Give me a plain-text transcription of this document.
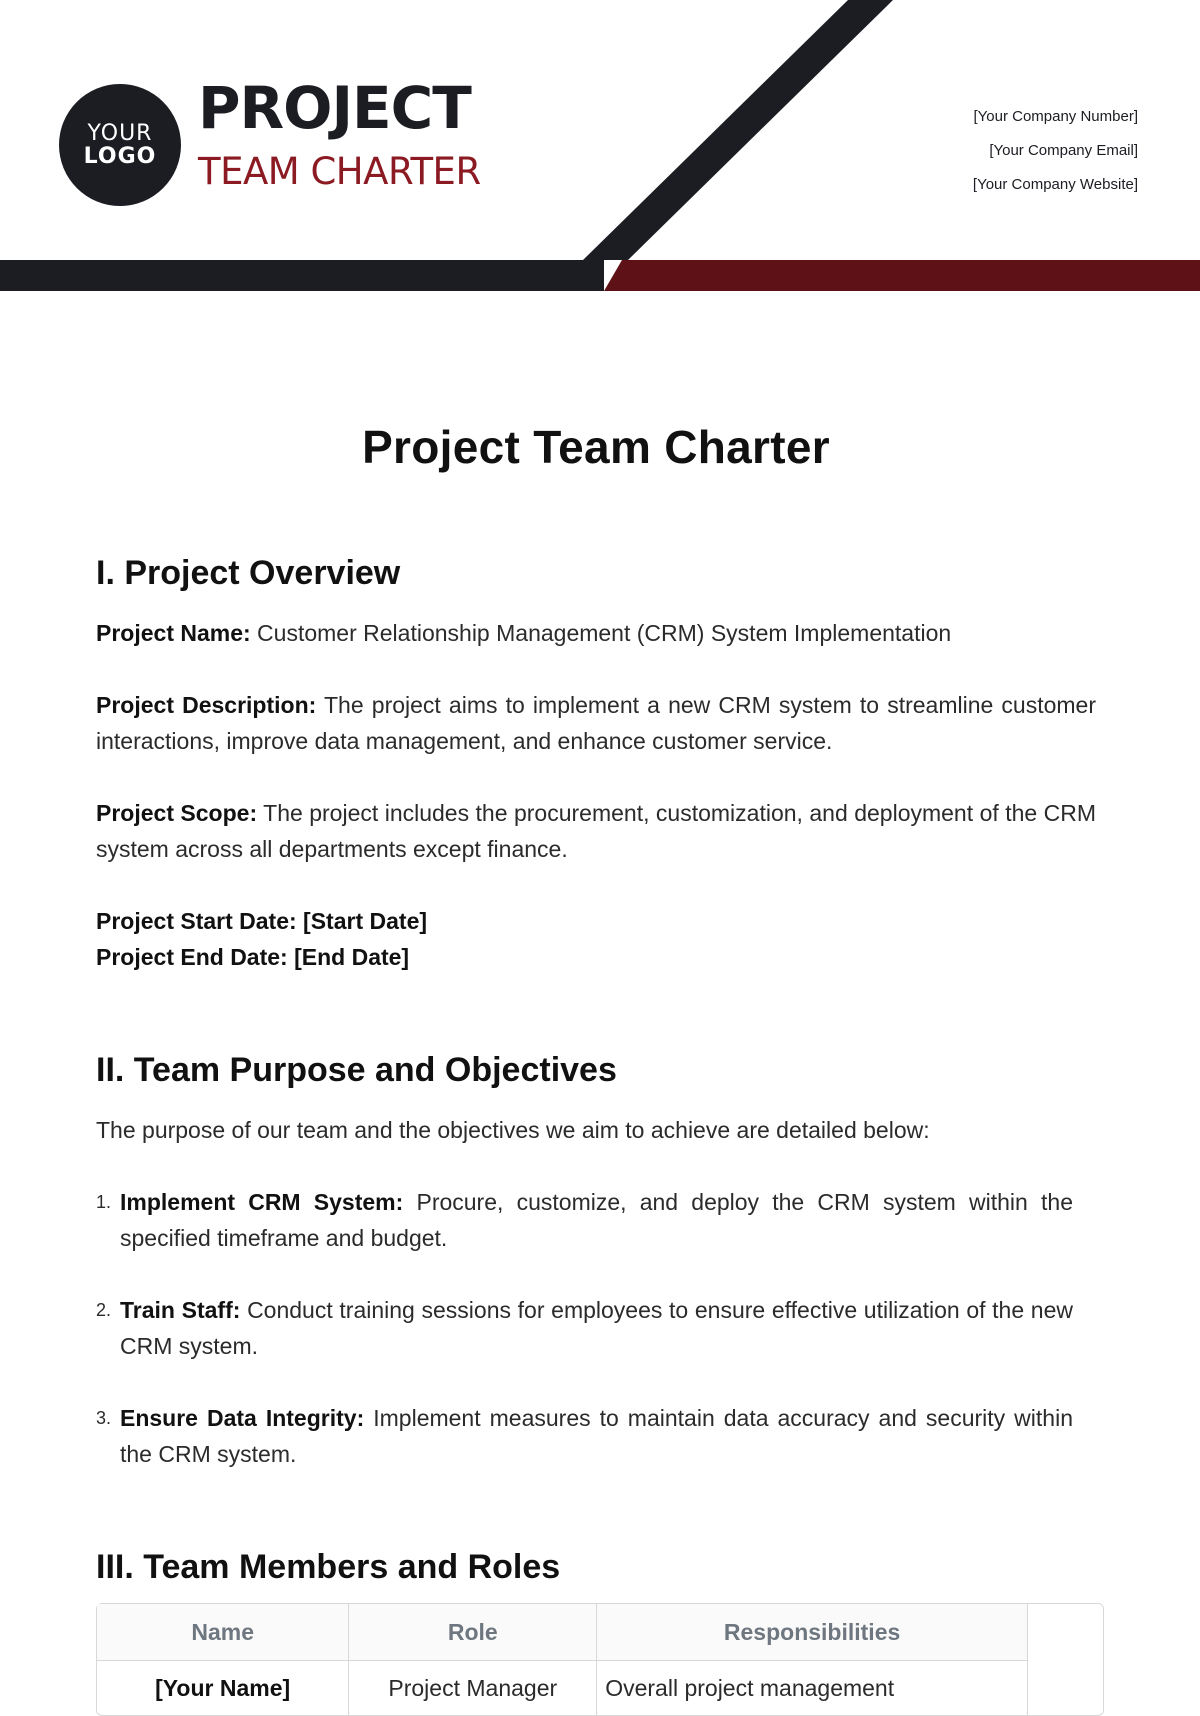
YOUR
LOGO
PROJECT
TEAM CHARTER
[Your Company Number]
[Your Company Email]
[Your Company Website]
Project Team Charter
I. Project Overview

Project Name: Customer Relationship Management (CRM) System Implementation

Project Description: The project aims to implement a new CRM system to streamline customer interactions, improve data management, and enhance customer service.

Project Scope: The project includes the procurement, customization, and deployment of the CRM system across all departments except finance.

Project Start Date: [Start Date]
Project End Date: [End Date]
II. Team Purpose and Objectives

The purpose of our team and the objectives we aim to achieve are detailed below:

1. Implement CRM System: Procure, customize, and deploy the CRM system within the specified timeframe and budget.
2. Train Staff: Conduct training sessions for employees to ensure effective utilization of the new CRM system.
3. Ensure Data Integrity: Implement measures to maintain data accuracy and security within the CRM system.
III. Team Members and Roles
Name	Role	Responsibilities
[Your Name]	Project Manager	Overall project management
